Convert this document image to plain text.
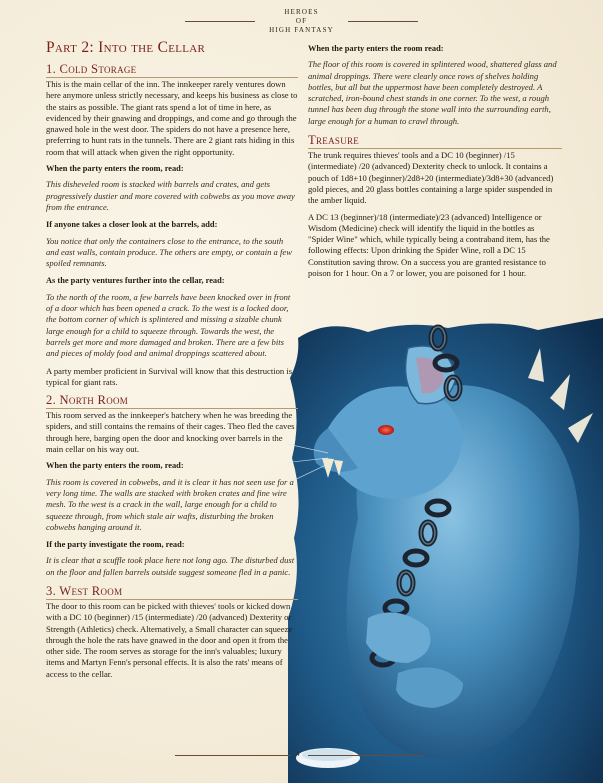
HEROES
OF
HIGH FANTASY
Part 2: Into the Cellar
1. Cold Storage

This is the main cellar of the inn. The innkeeper rarely ventures down here anymore unless strictly necessary, and keeps his business as close to the stairs as possible. The giant rats spend a lot of time in here, as evidenced by their gnawing and droppings, and come and go through the gnawed hole in the west door. The spiders do not have a presence here, preferring to hunt rats in the tunnels. There are 2 giant rats hiding in this room that will attack when given the right opportunity.

When the party enters the room, read:
This disheveled room is stacked with barrels and crates, and gets progressively dustier and more covered with cobwebs as you move away from the entrance.
If anyone takes a closer look at the barrels, add:
You notice that only the containers close to the entrance, to the south and east walls, contain produce. The others are empty, or contain a few spoiled remnants.
As the party ventures further into the cellar, read:
To the north of the room, a few barrels have been knocked over in front of a door which has been opened a crack. To the west is a locked door, the bottom corner of which is splintered and missing a sizable chunk large enough for a child to squeeze through. Towards the west, the barrels get more and more damaged and broken. There are a few bits and pieces of moldy food and animal droppings scattered about.

A party member proficient in Survival will know that this destruction is typical for giant rats.

2. North Room

This room served as the innkeeper's hatchery when he was breeding the spiders, and still contains the remains of their cages. Theo fled the caves through here, barging open the door and knocking over barrels in the main cellar on his way out.

When the party enters the room, read:
This room is covered in cobwebs, and it is clear it has not seen use for a very long time. The walls are stacked with broken crates and fine wire mesh. To the west is a crack in the wall, large enough for a child to squeeze through, from which stale air wafts, disturbing the broken cobwebs hanging around it.
If the party investigate the room, read:
It is clear that a scuffle took place here not long ago. The disturbed dust on the floor and fallen barrels outside suggest someone fled in a panic.
3. West Room

The door to this room can be picked with thieves' tools or kicked down with a DC 10 (beginner) /15 (intermediate) /20 (advanced) Dexterity or Strength (Athletics) check. Alternatively, a Small character can squeeze through the hole the rats have gnawed in the door and open it from the other side. The room serves as storage for the inn's valuables; luxury items and Martyn Fenn's personal effects. It is also the rats' means of access to the cellar.

When the party enters the room read:
The floor of this room is covered in splintered wood, shattered glass and animal droppings. There were clearly once rows of shelves holding bottles, but all but the uppermost have been completely destroyed. A scratched, iron-bound chest stands in one corner. To the west, a rough tunnel has been dug through the stone wall into the surrounding earth, large enough for a human to crawl through.
Treasure

The trunk requires thieves' tools and a DC 10 (beginner) /15 (intermediate) /20 (advanced) Dexterity check to unlock. It contains a pouch of 1d8+10 (beginner)/2d8+20 (intermediate)/3d8+30 (advanced) gold pieces, and 20 glass bottles containing a large spider suspended in the amber liquid.

A DC 13 (beginner)/18 (intermediate)/23 (advanced) Intelligence or Wisdom (Medicine) check will identify the liquid in the bottles as "Spider Wine" which, while typically being a contraband item, has the following effects: Upon drinking the Spider Wine, roll a DC 15 Constitution saving throw. On a success you are granted resistance to poison for 1 hour. On a 7 or lower, you are poisoned for 1 hour.

4
